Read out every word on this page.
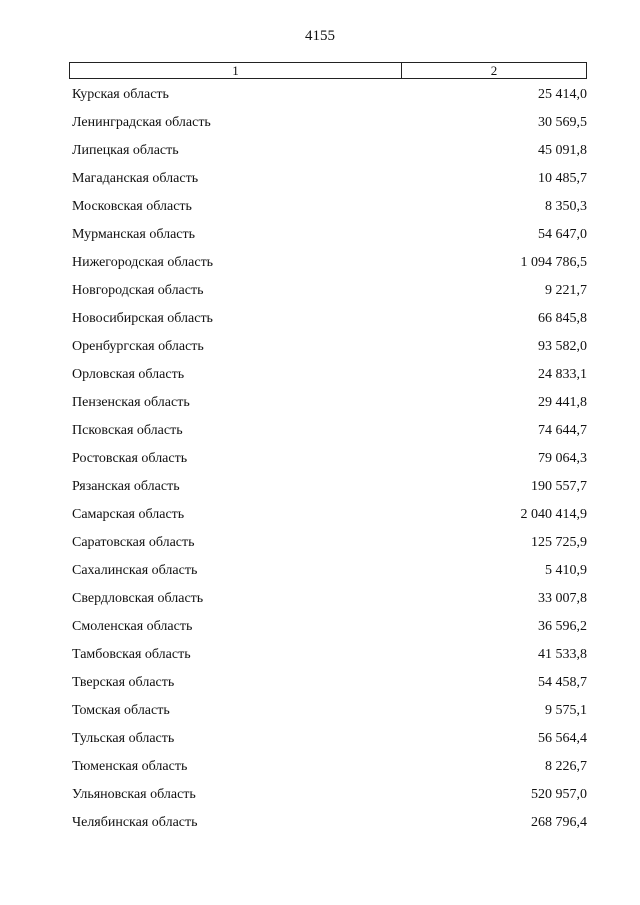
4155
1	2
Курская область	25 414,0
Ленинградская область	30 569,5
Липецкая область	45 091,8
Магаданская область	10 485,7
Московская область	8 350,3
Мурманская область	54 647,0
Нижегородская область	1 094 786,5
Новгородская область	9 221,7
Новосибирская область	66 845,8
Оренбургская область	93 582,0
Орловская область	24 833,1
Пензенская область	29 441,8
Псковская область	74 644,7
Ростовская область	79 064,3
Рязанская область	190 557,7
Самарская область	2 040 414,9
Саратовская область	125 725,9
Сахалинская область	5 410,9
Свердловская область	33 007,8
Смоленская область	36 596,2
Тамбовская область	41 533,8
Тверская область	54 458,7
Томская область	9 575,1
Тульская область	56 564,4
Тюменская область	8 226,7
Ульяновская область	520 957,0
Челябинская область	268 796,4
